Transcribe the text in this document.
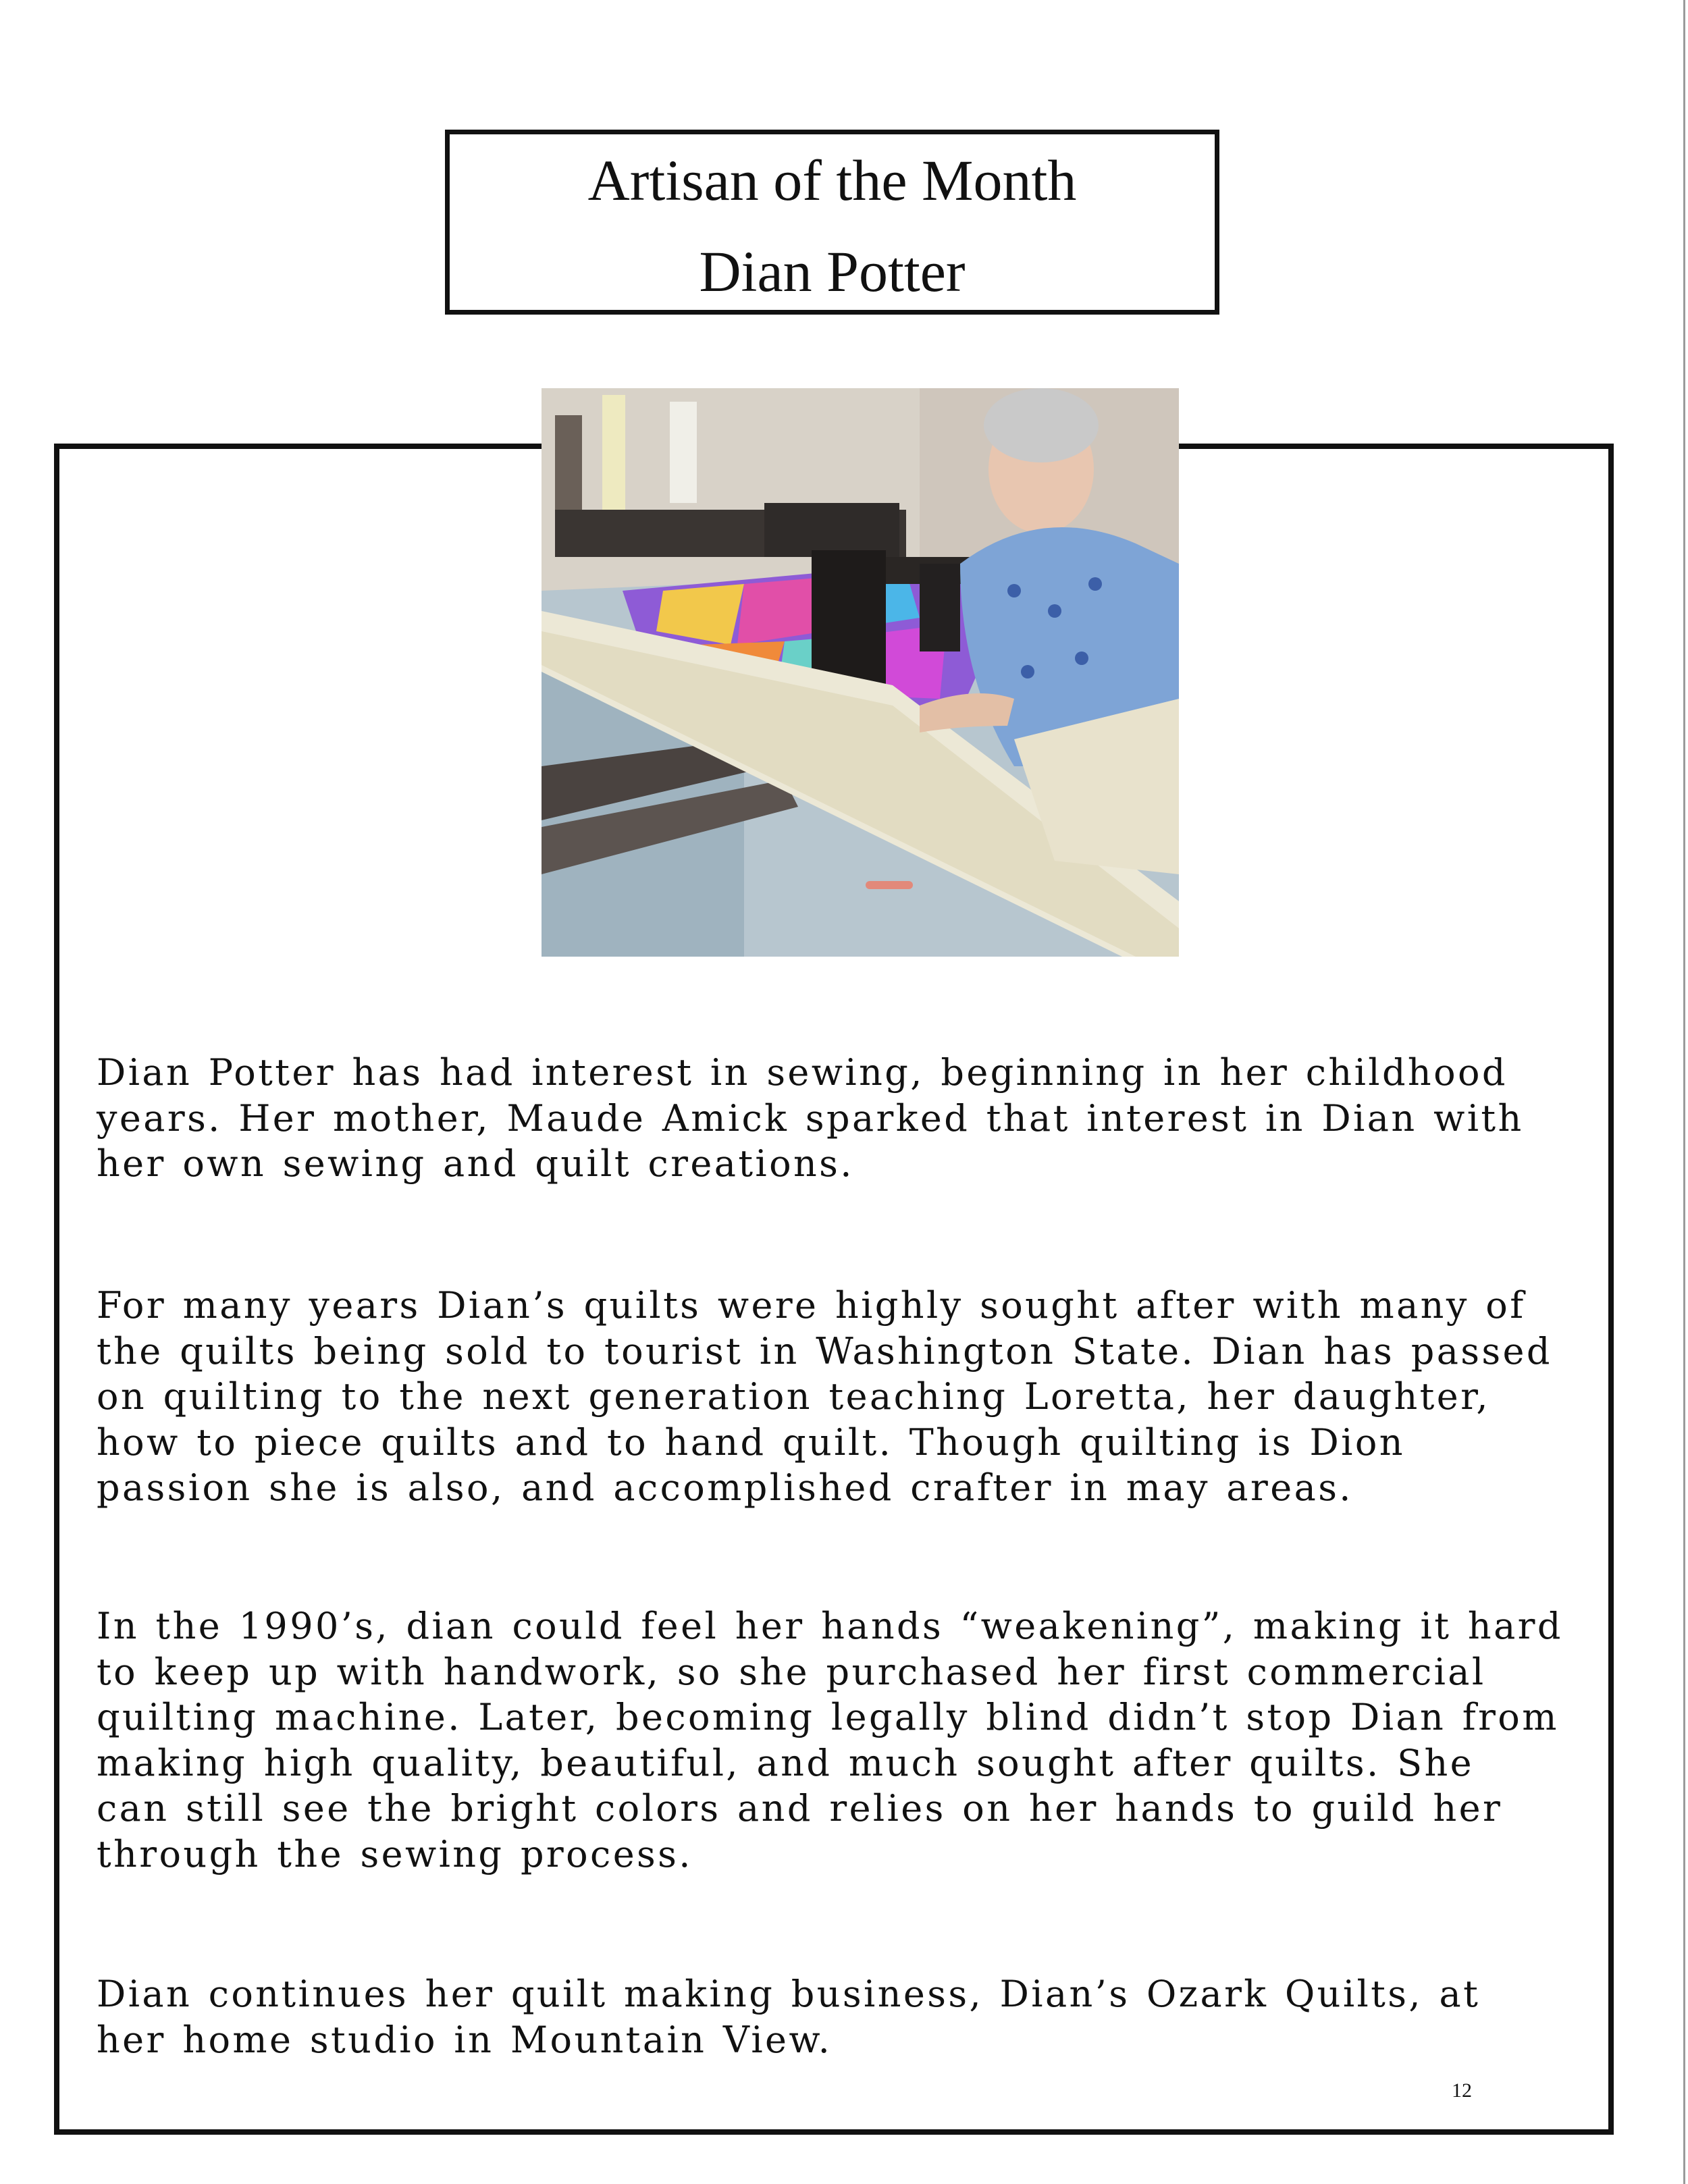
Artisan of the Month
Dian Potter

Dian Potter has had interest in sewing, beginning in her childhood
years. Her mother, Maude Amick sparked that interest in Dian with
her own sewing and quilt creations.

For many years Dian’s quilts were highly sought after with many of
the quilts being sold to tourist in Washington State. Dian has passed
on quilting to the next generation teaching Loretta, her daughter,
how to piece quilts and to hand quilt. Though quilting is Dion
passion she is also, and accomplished crafter in may areas.

In the 1990’s, dian could feel her hands “weakening”, making it hard
to keep up with handwork, so she purchased her first commercial
quilting machine. Later, becoming legally blind didn’t stop Dian from
making high quality, beautiful, and much sought after quilts. She
can still see the bright colors and relies on her hands to guild her
through the sewing process.

Dian continues her quilt making business, Dian’s Ozark Quilts, at
her home studio in Mountain View.

12
